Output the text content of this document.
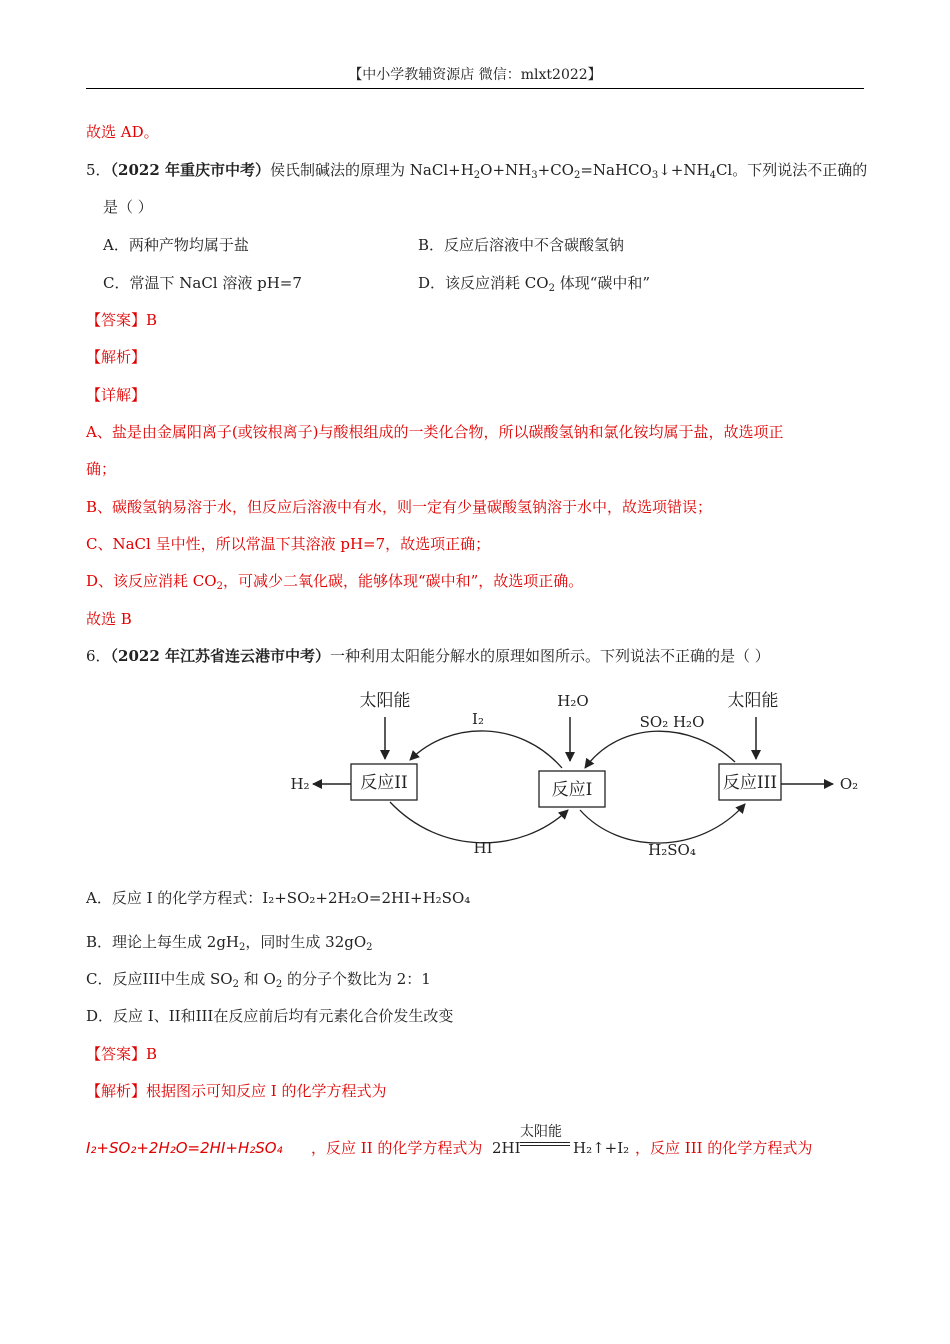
【中小学教辅资源店 微信：mlxt2022】
故选 AD。
5．（2022 年重庆市中考）侯氏制碱法的原理为 $NaCl+H_2O+NH_3+CO_2=NaHCO_3↓+NH_4Cl$。下列说法不正确的
是（ ）
A．两种产物均属于盐	B．反应后溶液中不含碳酸氢钠
C．常温下 NaCl 溶液 pH=7	D．该反应消耗 $CO_2$ 体现“碳中和”
【答案】B
【解析】
【详解】
A、盐是由金属阳离子(或铵根离子)与酸根组成的一类化合物，所以碳酸氢钠和氯化铵均属于盐，故选项正
确；
B、碳酸氢钠易溶于水，但反应后溶液中有水，则一定有少量碳酸氢钠溶于水中，故选项错误；
C、NaCl 呈中性，所以常温下其溶液 pH=7，故选项正确；
D、该反应消耗 $CO_2$，可减少二氧化碳，能够体现“碳中和”，故选项正确。
故选 B
6．（2022 年江苏省连云港市中考）一种利用太阳能分解水的原理如图所示。下列说法不正确的是（ ）
太阳能	H₂O	太阳能
反应II	反应I	反应III
I₂	SO₂ H₂O
HI	H₂SO₄
H₂	O₂
A．反应 I 的化学方程式：I₂+SO₂+2H₂O=2HI+H₂SO₄
B．理论上每生成 $2gH_2$，同时生成 $32gO_2$
C．反应III中生成 $SO_2$ 和 $O_2$ 的分子个数比为 2：1
D．反应 I、II和III在反应前后均有元素化合价发生改变
【答案】B
【解析】根据图示可知反应 I 的化学方程式为
I₂+SO₂+2H₂O=2HI+H₂SO₄ ，反应 II 的化学方程式为 2HI
太阳能
H₂↑+I₂ ，反应 III 的化学方程式为
